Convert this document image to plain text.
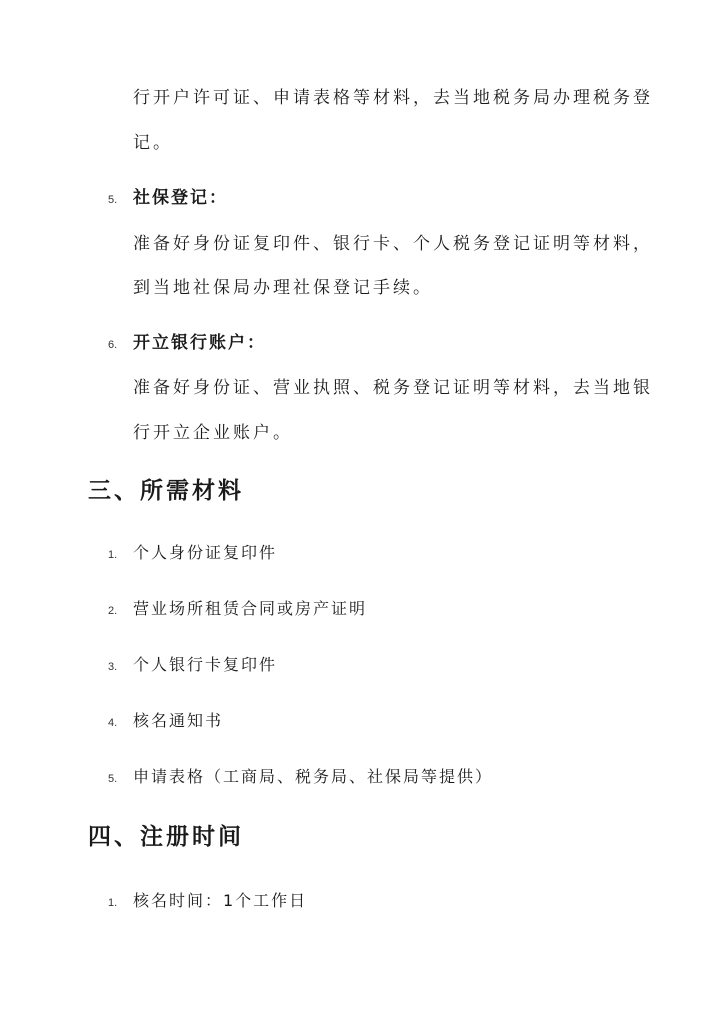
行开户许可证、申请表格等材料，去当地税务局办理税务登
记。
5. 社保登记：
准备好身份证复印件、银行卡、个人税务登记证明等材料，
到当地社保局办理社保登记手续。
6. 开立银行账户：
准备好身份证、营业执照、税务登记证明等材料，去当地银
行开立企业账户。
三、所需材料
1. 个人身份证复印件
2. 营业场所租赁合同或房产证明
3. 个人银行卡复印件
4. 核名通知书
5. 申请表格（工商局、税务局、社保局等提供）
四、注册时间
1. 核名时间：1个工作日
